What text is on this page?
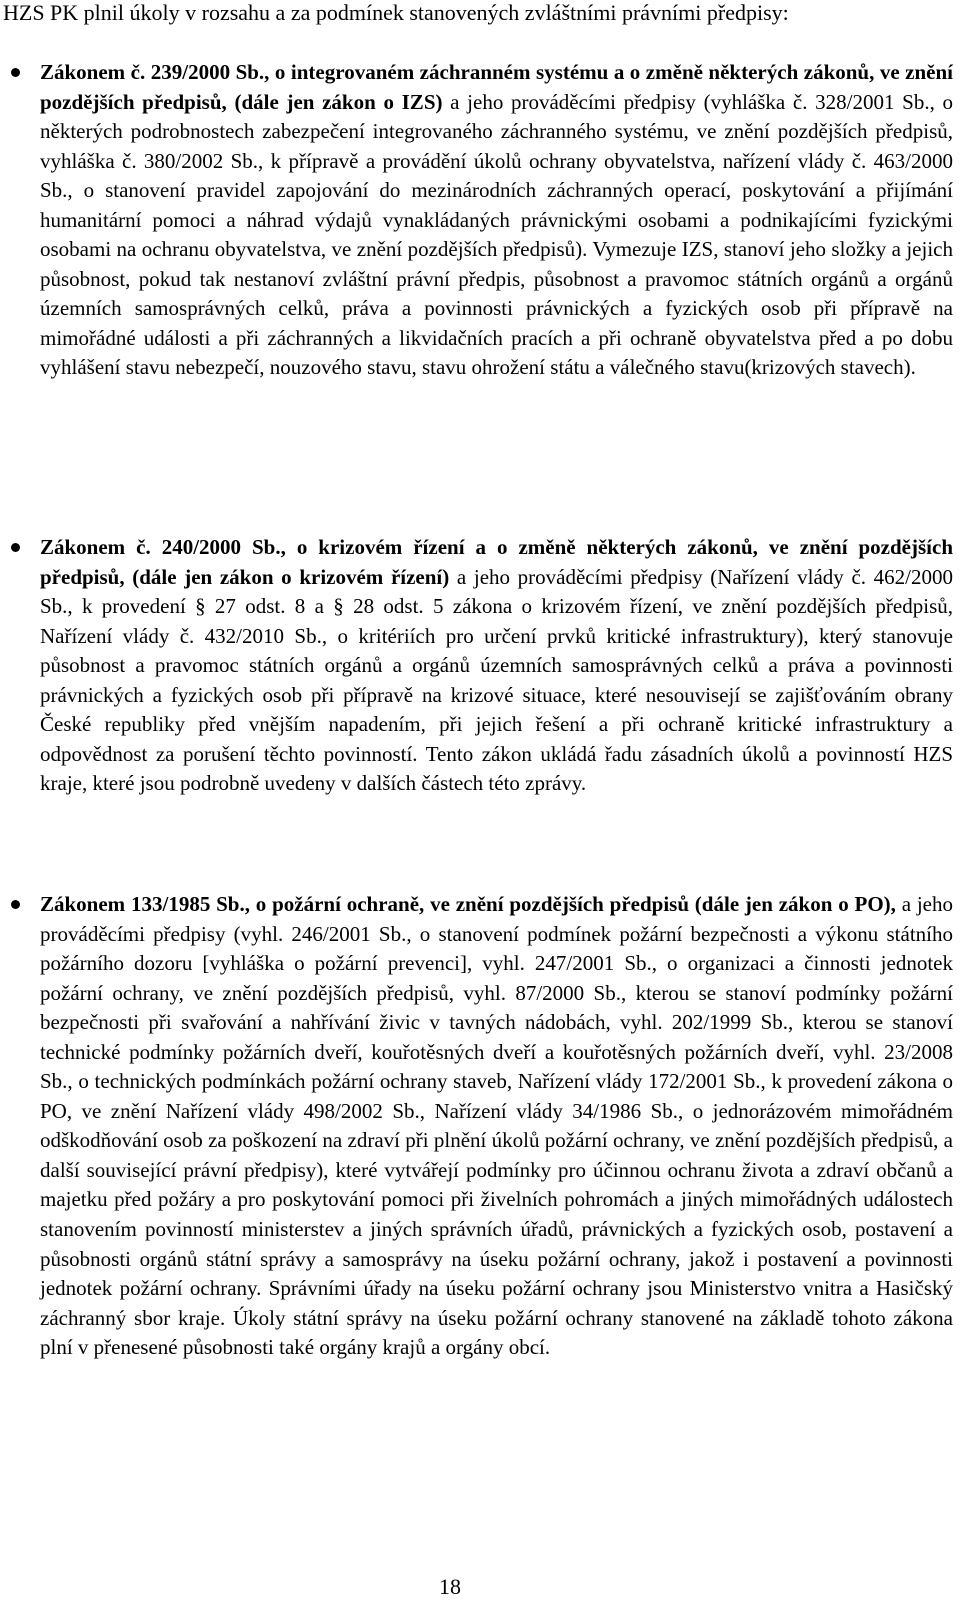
HZS PK plnil úkoly v rozsahu a za podmínek stanovených zvláštními právními předpisy:
Zákonem č. 239/2000 Sb., o integrovaném záchranném systému a o změně některých zákonů, ve znění pozdějších předpisů, (dále jen zákon o IZS) a jeho prováděcími předpisy (vyhláška č. 328/2001 Sb., o některých podrobnostech zabezpečení integrovaného záchranného systému, ve znění pozdějších předpisů, vyhláška č. 380/2002 Sb., k přípravě a provádění úkolů ochrany obyvatelstva, nařízení vlády č. 463/2000 Sb., o stanovení pravidel zapojování do mezinárodních záchranných operací, poskytování a přijímání humanitární pomoci a náhrad výdajů vynakládaných právnickými osobami a podnikajícími fyzickými osobami na ochranu obyvatelstva, ve znění pozdějších předpisů). Vymezuje IZS, stanoví jeho složky a jejich působnost, pokud tak nestanoví zvláštní právní předpis, působnost a pravomoc státních orgánů a orgánů územních samosprávných celků, práva a povinnosti právnických a fyzických osob při přípravě na mimořádné události a při záchranných a likvidačních pracích a při ochraně obyvatelstva před a po dobu vyhlášení stavu nebezpečí, nouzového stavu, stavu ohrožení státu a válečného stavu(krizových stavech).
Zákonem č. 240/2000 Sb., o krizovém řízení a o změně některých zákonů, ve znění pozdějších předpisů, (dále jen zákon o krizovém řízení) a jeho prováděcími předpisy (Nařízení vlády č. 462/2000 Sb., k provedení § 27 odst. 8 a § 28 odst. 5 zákona o krizovém řízení, ve znění pozdějších předpisů, Nařízení vlády č. 432/2010 Sb., o kritériích pro určení prvků kritické infrastruktury), který stanovuje působnost a pravomoc státních orgánů a orgánů územních samosprávných celků a práva a povinnosti právnických a fyzických osob při přípravě na krizové situace, které nesouvisejí se zajišťováním obrany České republiky před vnějším napadením, při jejich řešení a při ochraně kritické infrastruktury a odpovědnost za porušení těchto povinností. Tento zákon ukládá řadu zásadních úkolů a povinností HZS kraje, které jsou podrobně uvedeny v dalších částech této zprávy.
Zákonem 133/1985 Sb., o požární ochraně, ve znění pozdějších předpisů (dále jen zákon o PO), a jeho prováděcími předpisy (vyhl. 246/2001 Sb., o stanovení podmínek požární bezpečnosti a výkonu státního požárního dozoru [vyhláška o požární prevenci], vyhl. 247/2001 Sb., o organizaci a činnosti jednotek požární ochrany, ve znění pozdějších předpisů, vyhl. 87/2000 Sb., kterou se stanoví podmínky požární bezpečnosti při svařování a nahřívání živic v tavných nádobách, vyhl. 202/1999 Sb., kterou se stanoví technické podmínky požárních dveří, kouřotěsných dveří a kouřotěsných požárních dveří, vyhl. 23/2008 Sb., o technických podmínkách požární ochrany staveb, Nařízení vlády 172/2001 Sb., k provedení zákona o PO, ve znění Nařízení vlády 498/2002 Sb., Nařízení vlády 34/1986 Sb., o jednorázovém mimořádném odškodňování osob za poškození na zdraví při plnění úkolů požární ochrany, ve znění pozdějších předpisů, a další související právní předpisy), které vytvářejí podmínky pro účinnou ochranu života a zdraví občanů a majetku před požáry a pro poskytování pomoci při živelních pohromách a jiných mimořádných událostech stanovením povinností ministerstev a jiných správních úřadů, právnických a fyzických osob, postavení a působnosti orgánů státní správy a samosprávy na úseku požární ochrany, jakož i postavení a povinnosti jednotek požární ochrany. Správními úřady na úseku požární ochrany jsou Ministerstvo vnitra a Hasičský záchranný sbor kraje. Úkoly státní správy na úseku požární ochrany stanovené na základě tohoto zákona plní v přenesené působnosti také orgány krajů a orgány obcí.
18
